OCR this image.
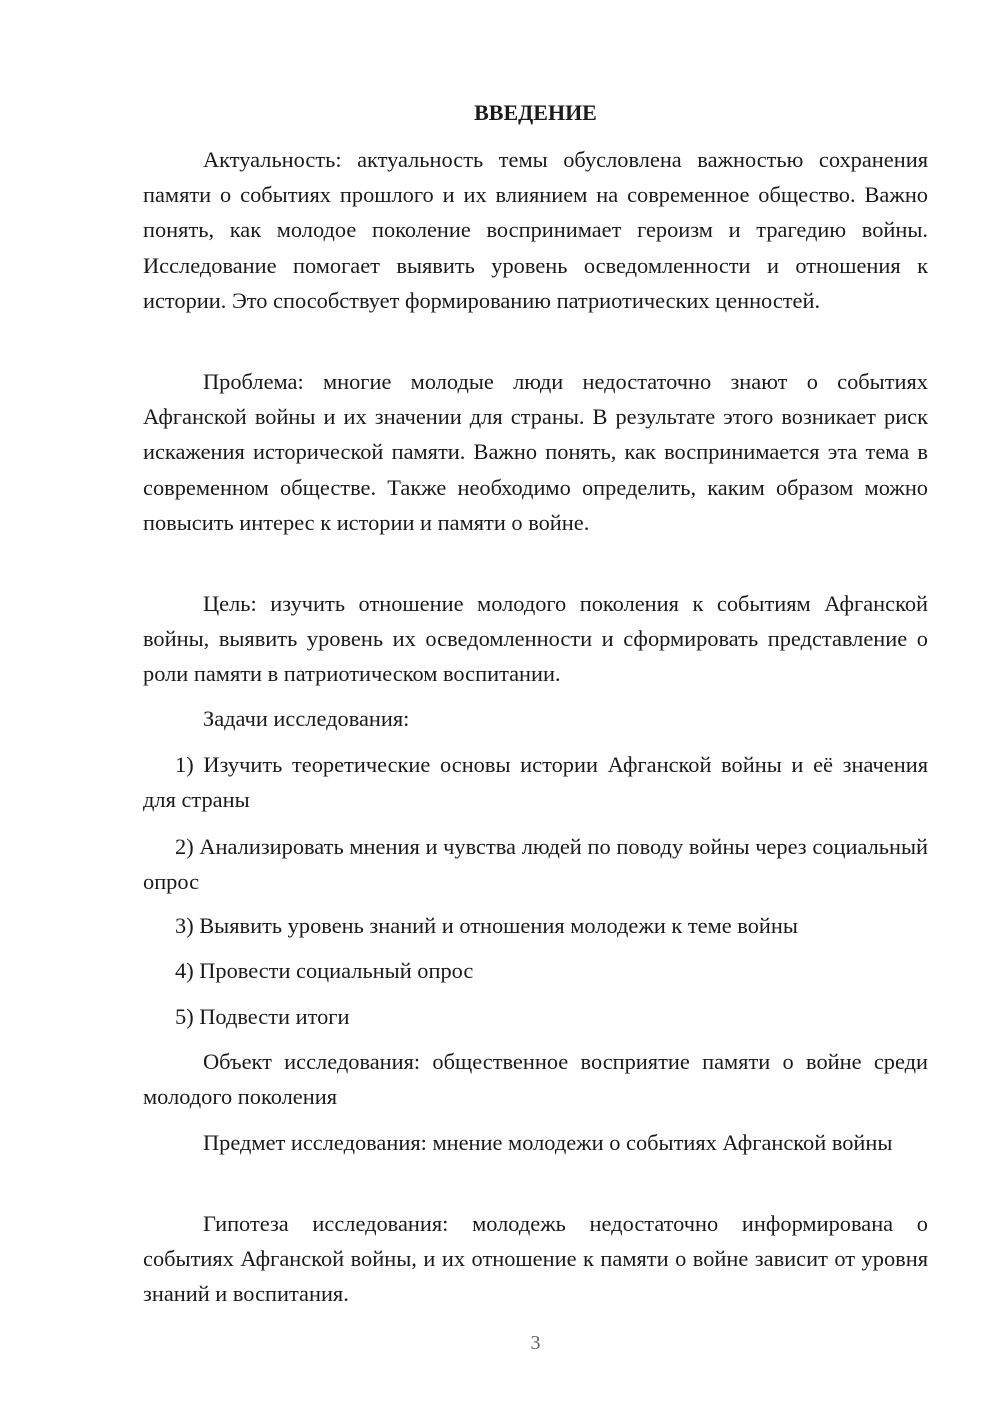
ВВЕДЕНИЕ

Актуальность: актуальность темы обусловлена важностью сохранения памяти о событиях прошлого и их влиянием на современное общество. Важно понять, как молодое поколение воспринимает героизм и трагедию войны. Исследование помогает выявить уровень осведомленности и отношения к истории. Это способствует формированию патриотических ценностей.

Проблема: многие молодые люди недостаточно знают о событиях Афганской войны и их значении для страны. В результате этого возникает риск искажения исторической памяти. Важно понять, как воспринимается эта тема в современном обществе. Также необходимо определить, каким образом можно повысить интерес к истории и памяти о войне.

Цель: изучить отношение молодого поколения к событиям Афганской войны, выявить уровень их осведомленности и сформировать представление о роли памяти в патриотическом воспитании.

Задачи исследования:

1) Изучить теоретические основы истории Афганской войны и её значения для страны

2) Анализировать мнения и чувства людей по поводу войны через социальный опрос

3) Выявить уровень знаний и отношения молодежи к теме войны

4) Провести социальный опрос

5) Подвести итоги

Объект исследования: общественное восприятие памяти о войне среди молодого поколения

Предмет исследования: мнение молодежи о событиях Афганской войны

Гипотеза исследования: молодежь недостаточно информирована о событиях Афганской войны, и их отношение к памяти о войне зависит от уровня знаний и воспитания.

3
